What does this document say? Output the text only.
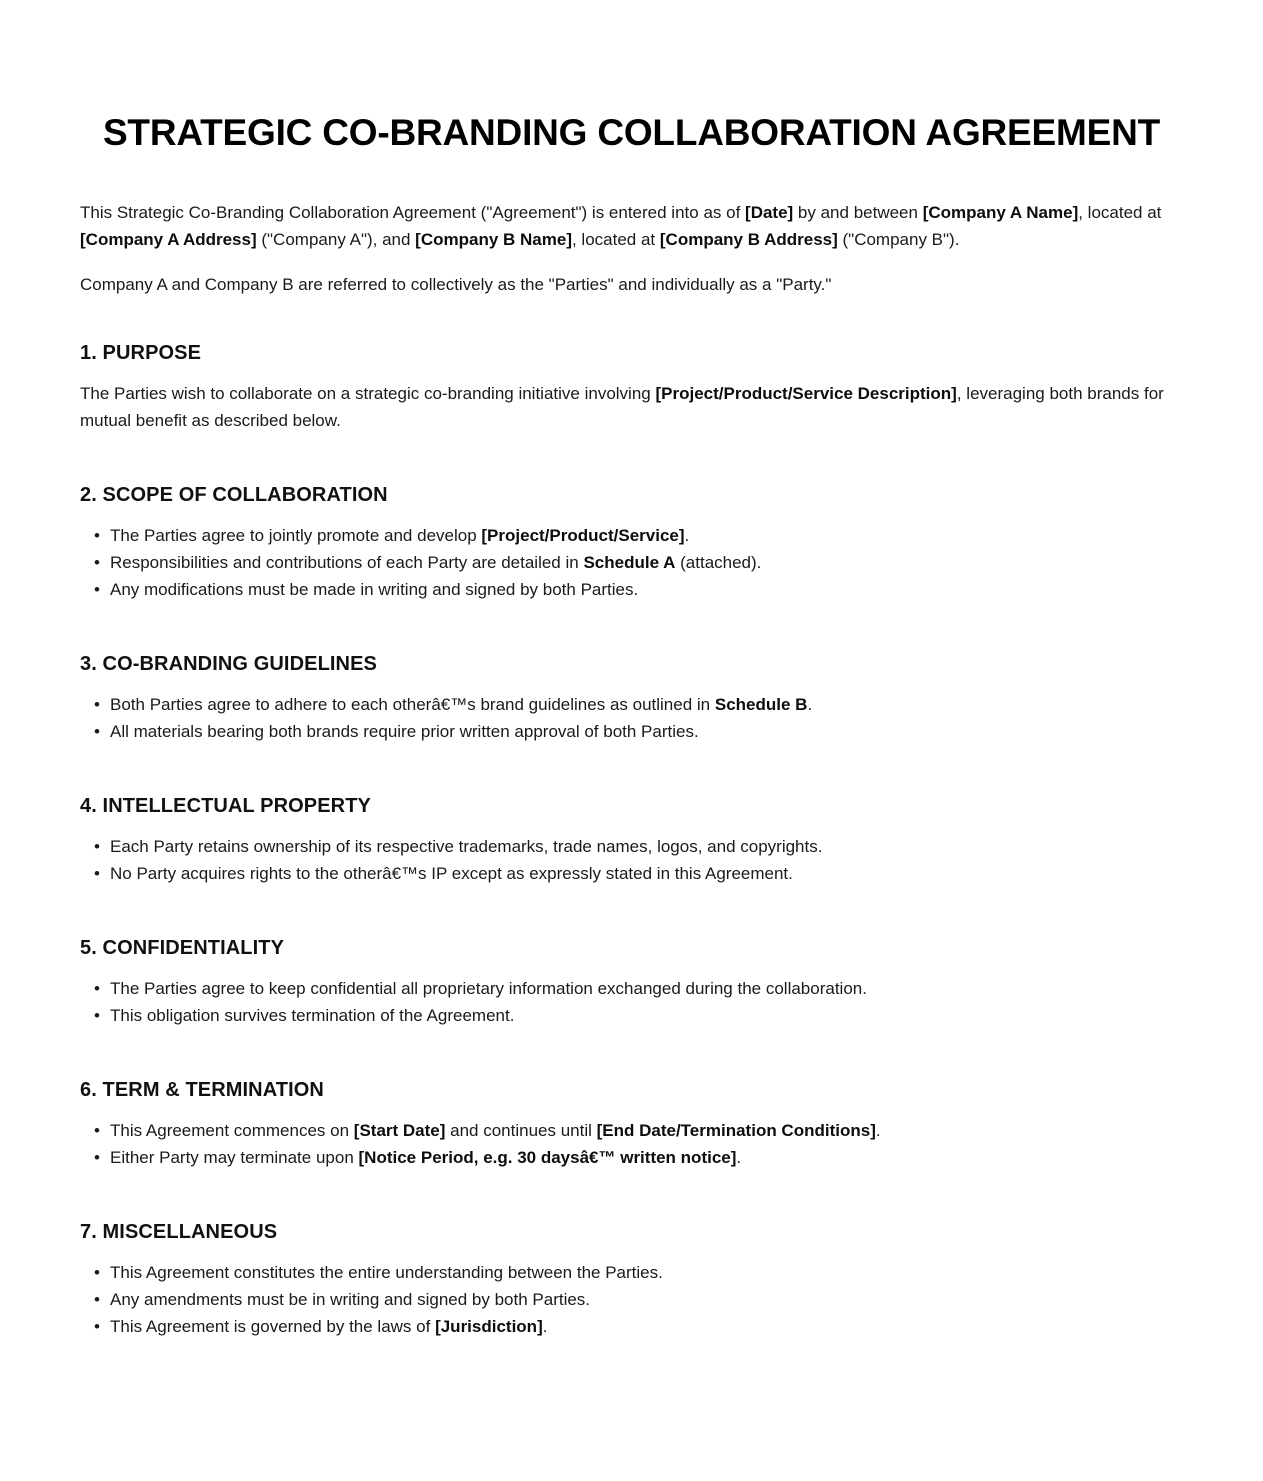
STRATEGIC CO-BRANDING COLLABORATION AGREEMENT

This Strategic Co-Branding Collaboration Agreement ("Agreement") is entered into as of [Date] by and between [Company A Name], located at [Company A Address] ("Company A"), and [Company B Name], located at [Company B Address] ("Company B").

Company A and Company B are referred to collectively as the "Parties" and individually as a "Party."

1. PURPOSE

The Parties wish to collaborate on a strategic co-branding initiative involving [Project/Product/Service Description], leveraging both brands for mutual benefit as described below.

2. SCOPE OF COLLABORATION
• The Parties agree to jointly promote and develop [Project/Product/Service].
• Responsibilities and contributions of each Party are detailed in Schedule A (attached).
• Any modifications must be made in writing and signed by both Parties.
3. CO-BRANDING GUIDELINES
• Both Parties agree to adhere to each otherâ€™s brand guidelines as outlined in Schedule B.
• All materials bearing both brands require prior written approval of both Parties.
4. INTELLECTUAL PROPERTY
• Each Party retains ownership of its respective trademarks, trade names, logos, and copyrights.
• No Party acquires rights to the otherâ€™s IP except as expressly stated in this Agreement.
5. CONFIDENTIALITY
• The Parties agree to keep confidential all proprietary information exchanged during the collaboration.
• This obligation survives termination of the Agreement.
6. TERM & TERMINATION
• This Agreement commences on [Start Date] and continues until [End Date/Termination Conditions].
• Either Party may terminate upon [Notice Period, e.g. 30 daysâ€™ written notice].
7. MISCELLANEOUS
• This Agreement constitutes the entire understanding between the Parties.
• Any amendments must be in writing and signed by both Parties.
• This Agreement is governed by the laws of [Jurisdiction].
